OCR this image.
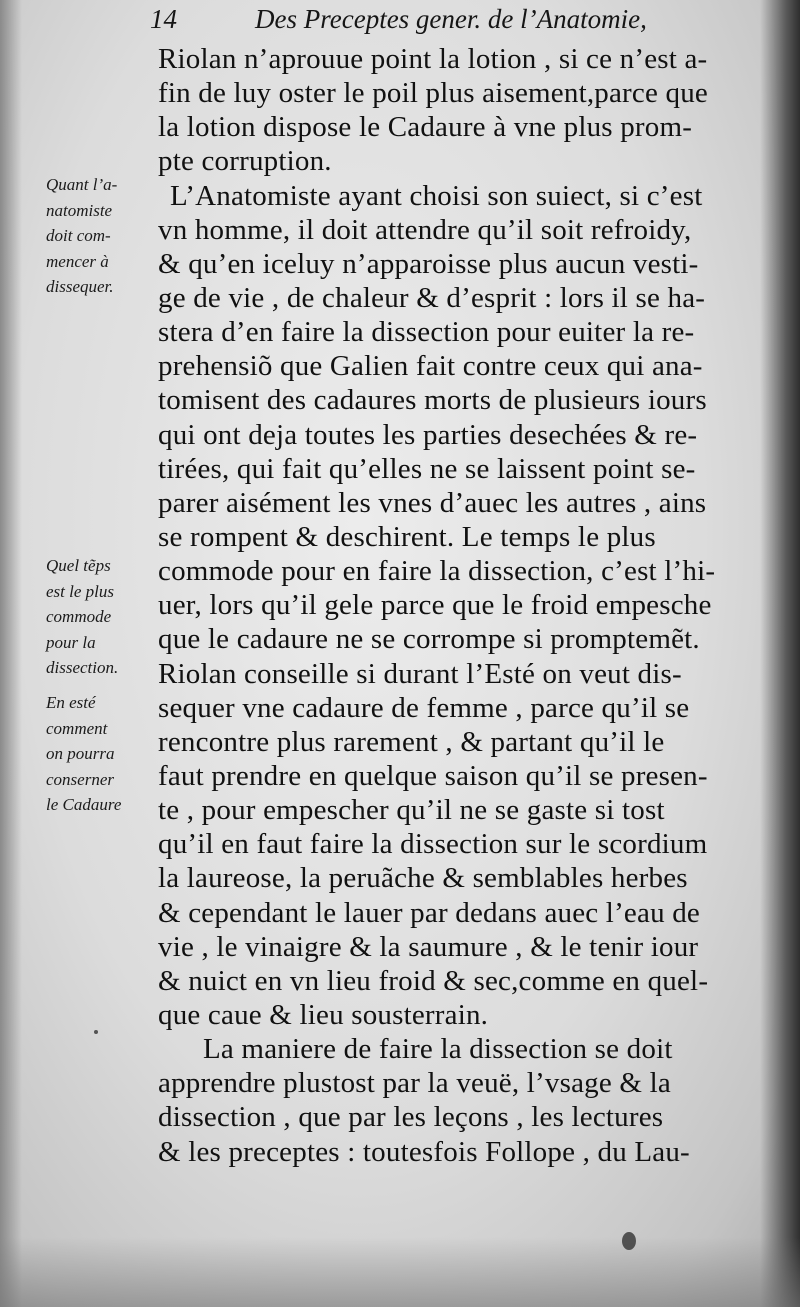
14	Des Preceptes gener. de l’Anatomie,
Quant l’a-
natomiste
doit com-
mencer à
dissequer.
Quel tẽps
est le plus
commode
pour la
dissection.
En esté
comment
on pourra
conserner
le Cadaure
Riolan n’aprouue point la lotion , si ce n’est a-
fin de luy oster le poil plus aisement,parce que
la lotion dispose le Cadaure à vne plus prom-
pte corruption.
L’Anatomiste ayant choisi son suiect, si c’est
vn homme, il doit attendre qu’il soit refroidy,
& qu’en iceluy n’apparoisse plus aucun vesti-
ge de vie , de chaleur & d’esprit : lors il se ha-
stera d’en faire la dissection pour euiter la re-
prehensiõ que Galien fait contre ceux qui ana-
tomisent des cadaures morts de plusieurs iours
qui ont deja toutes les parties desechées & re-
tirées, qui fait qu’elles ne se laissent point se-
parer aisément les vnes d’auec les autres , ains
se rompent & deschirent. Le temps le plus
commode pour en faire la dissection, c’est l’hi-
uer, lors qu’il gele parce que le froid empesche
que le cadaure ne se corrompe si promptemẽt.
Riolan conseille si durant l’Esté on veut dis-
sequer vne cadaure de femme , parce qu’il se
rencontre plus rarement , & partant qu’il le
faut prendre en quelque saison qu’il se presen-
te , pour empescher qu’il ne se gaste si tost
qu’il en faut faire la dissection sur le scordium
la laureose, la peruãche & semblables herbes
& cependant le lauer par dedans auec l’eau de
vie , le vinaigre & la saumure , & le tenir iour
& nuict en vn lieu froid & sec,comme en quel-
que caue & lieu sousterrain.
La maniere de faire la dissection se doit
apprendre plustost par la veuë, l’vsage & la
dissection , que par les leçons , les lectures
& les preceptes : toutesfois Follope , du Lau-
